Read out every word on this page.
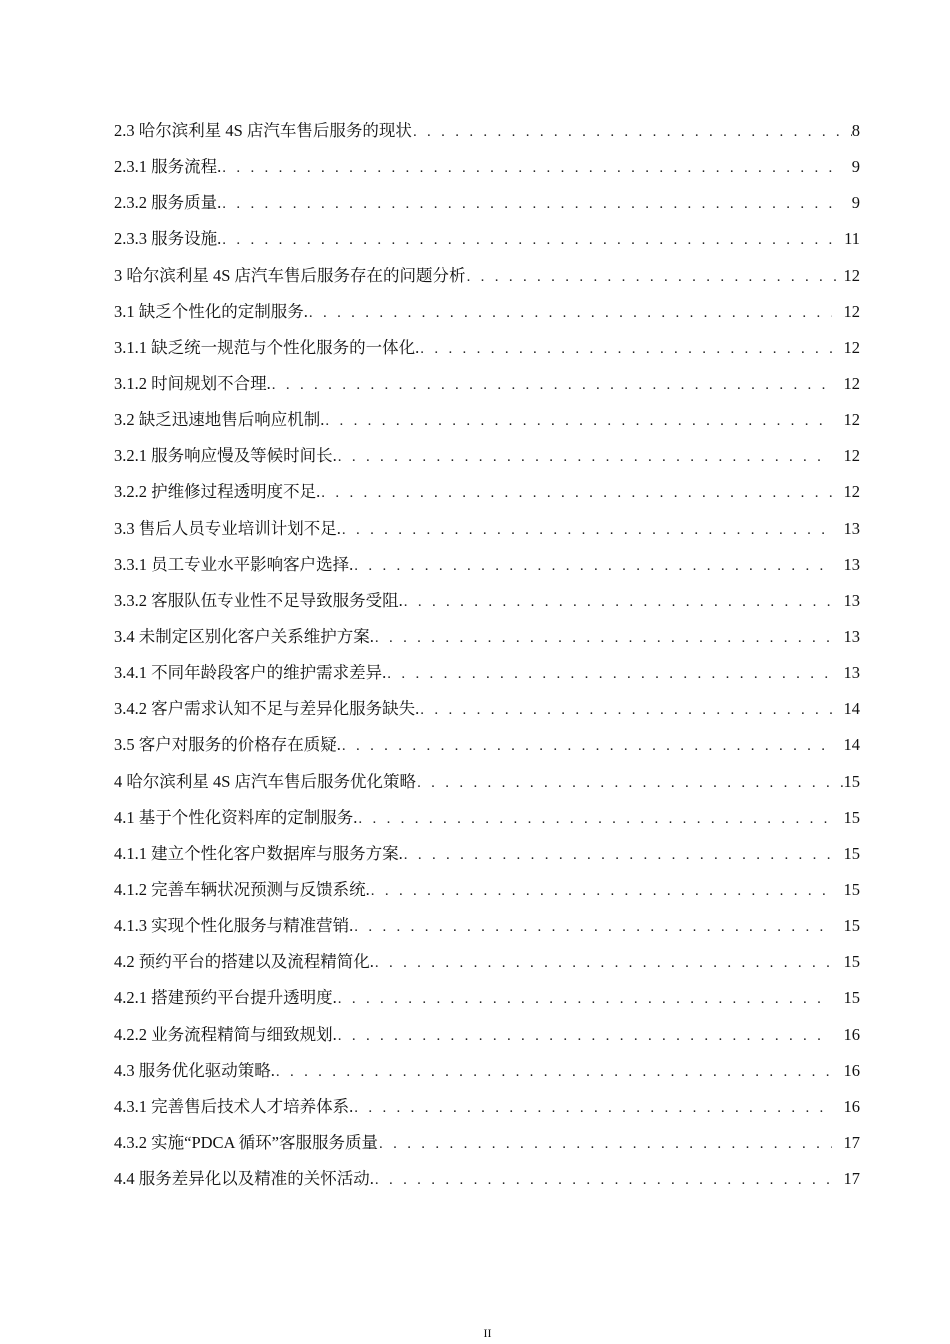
2.3 哈尔滨利星 4S 店汽车售后服务的现状 . . .	8
2.3.1 服务流程. . . .	9
2.3.2 服务质量. . . .	9
2.3.3 服务设施. . . .	11
3 哈尔滨利星 4S 店汽车售后服务存在的问题分析 . . .	12
3.1 缺乏个性化的定制服务. . . .	12
3.1.1 缺乏统一规范与个性化服务的一体化. . . .	12
3.1.2 时间规划不合理. . . .	12
3.2 缺乏迅速地售后响应机制. . . .	12
3.2.1 服务响应慢及等候时间长. . . .	12
3.2.2 护维修过程透明度不足. . . .	12
3.3 售后人员专业培训计划不足. . . .	13
3.3.1 员工专业水平影响客户选择. . . .	13
3.3.2 客服队伍专业性不足导致服务受阻. . . .	13
3.4 未制定区别化客户关系维护方案. . . .	13
3.4.1 不同年龄段客户的维护需求差异. . . .	13
3.4.2 客户需求认知不足与差异化服务缺失. . . .	14
3.5 客户对服务的价格存在质疑. . . .	14
4 哈尔滨利星 4S 店汽车售后服务优化策略 . . .	15
4.1 基于个性化资料库的定制服务. . . .	15
4.1.1 建立个性化客户数据库与服务方案. . . .	15
4.1.2 完善车辆状况预测与反馈系统. . . .	15
4.1.3 实现个性化服务与精准营销. . . .	15
4.2 预约平台的搭建以及流程精简化. . . .	15
4.2.1 搭建预约平台提升透明度. . . .	15
4.2.2 业务流程精简与细致规划. . . .	16
4.3 服务优化驱动策略. . . .	16
4.3.1 完善售后技术人才培养体系. . . .	16
4.3.2 实施“PDCA 循环”客服服务质量 . . .	17
4.4 服务差异化以及精准的关怀活动. . . .	17
II
